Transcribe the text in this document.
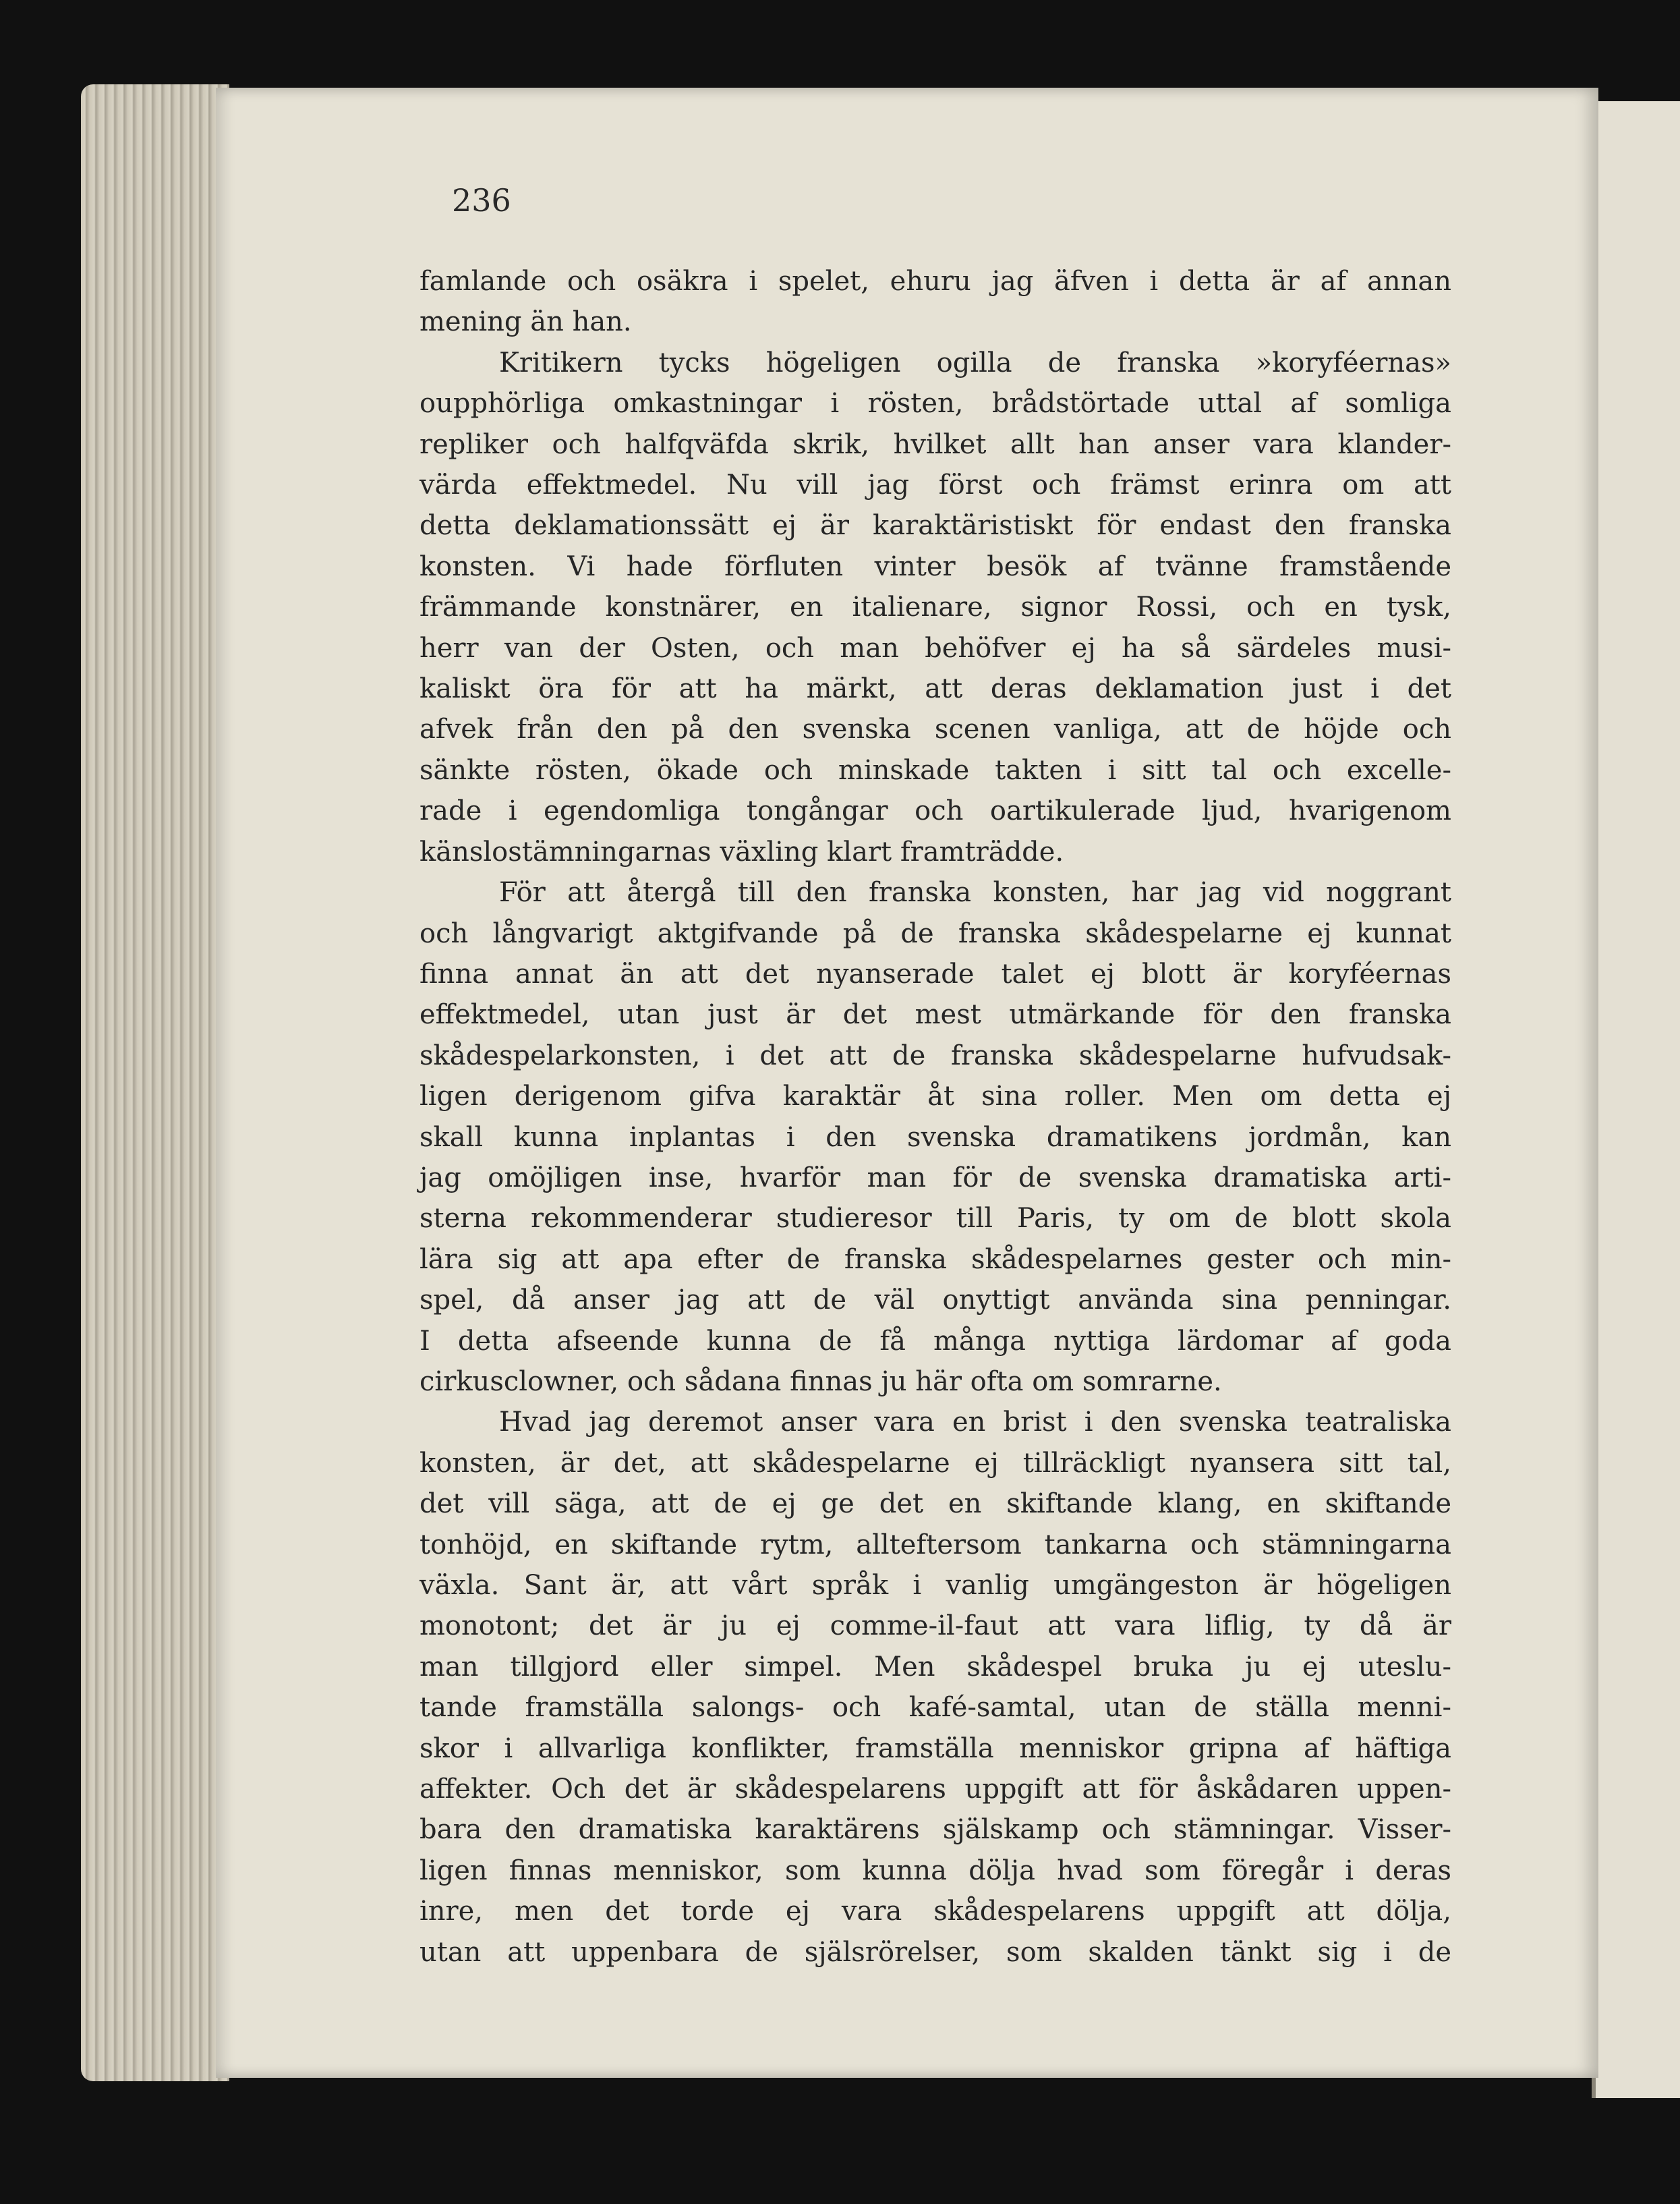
236

famlande och osäkra i spelet, ehuru jag äfven i detta är af annan
mening än han.

Kritikern tycks högeligen ogilla de franska »koryféernas»
oupphörliga omkastningar i rösten, brådstörtade uttal af somliga
repliker och halfqväfda skrik, hvilket allt han anser vara klander-
värda effektmedel. Nu vill jag först och främst erinra om att
detta deklamationssätt ej är karaktäristiskt för endast den franska
konsten. Vi hade förfluten vinter besök af tvänne framstående
främmande konstnärer, en italienare, signor Rossi, och en tysk,
herr van der Osten, och man behöfver ej ha så särdeles musi-
kaliskt öra för att ha märkt, att deras deklamation just i det
afvek från den på den svenska scenen vanliga, att de höjde och
sänkte rösten, ökade och minskade takten i sitt tal och excelle-
rade i egendomliga tongångar och oartikulerade ljud, hvarigenom
känslostämningarnas växling klart framträdde.

För att återgå till den franska konsten, har jag vid noggrant
och långvarigt aktgifvande på de franska skådespelarne ej kunnat
finna annat än att det nyanserade talet ej blott är koryféernas
effektmedel, utan just är det mest utmärkande för den franska
skådespelarkonsten, i det att de franska skådespelarne hufvudsak-
ligen derigenom gifva karaktär åt sina roller. Men om detta ej
skall kunna inplantas i den svenska dramatikens jordmån, kan
jag omöjligen inse, hvarför man för de svenska dramatiska arti-
sterna rekommenderar studieresor till Paris, ty om de blott skola
lära sig att apa efter de franska skådespelarnes gester och min-
spel, då anser jag att de väl onyttigt använda sina penningar.
I detta afseende kunna de få många nyttiga lärdomar af goda
cirkusclowner, och sådana finnas ju här ofta om somrarne.

Hvad jag deremot anser vara en brist i den svenska teatraliska
konsten, är det, att skådespelarne ej tillräckligt nyansera sitt tal,
det vill säga, att de ej ge det en skiftande klang, en skiftande
tonhöjd, en skiftande rytm, allteftersom tankarna och stämningarna
växla. Sant är, att vårt språk i vanlig umgängeston är högeligen
monotont; det är ju ej comme-il-faut att vara liflig, ty då är
man tillgjord eller simpel. Men skådespel bruka ju ej uteslu-
tande framställa salongs- och kafé-samtal, utan de ställa menni-
skor i allvarliga konflikter, framställa menniskor gripna af häftiga
affekter. Och det är skådespelarens uppgift att för åskådaren uppen-
bara den dramatiska karaktärens själskamp och stämningar. Visser-
ligen finnas menniskor, som kunna dölja hvad som föregår i deras
inre, men det torde ej vara skådespelarens uppgift att dölja,
utan att uppenbara de själsrörelser, som skalden tänkt sig i de
